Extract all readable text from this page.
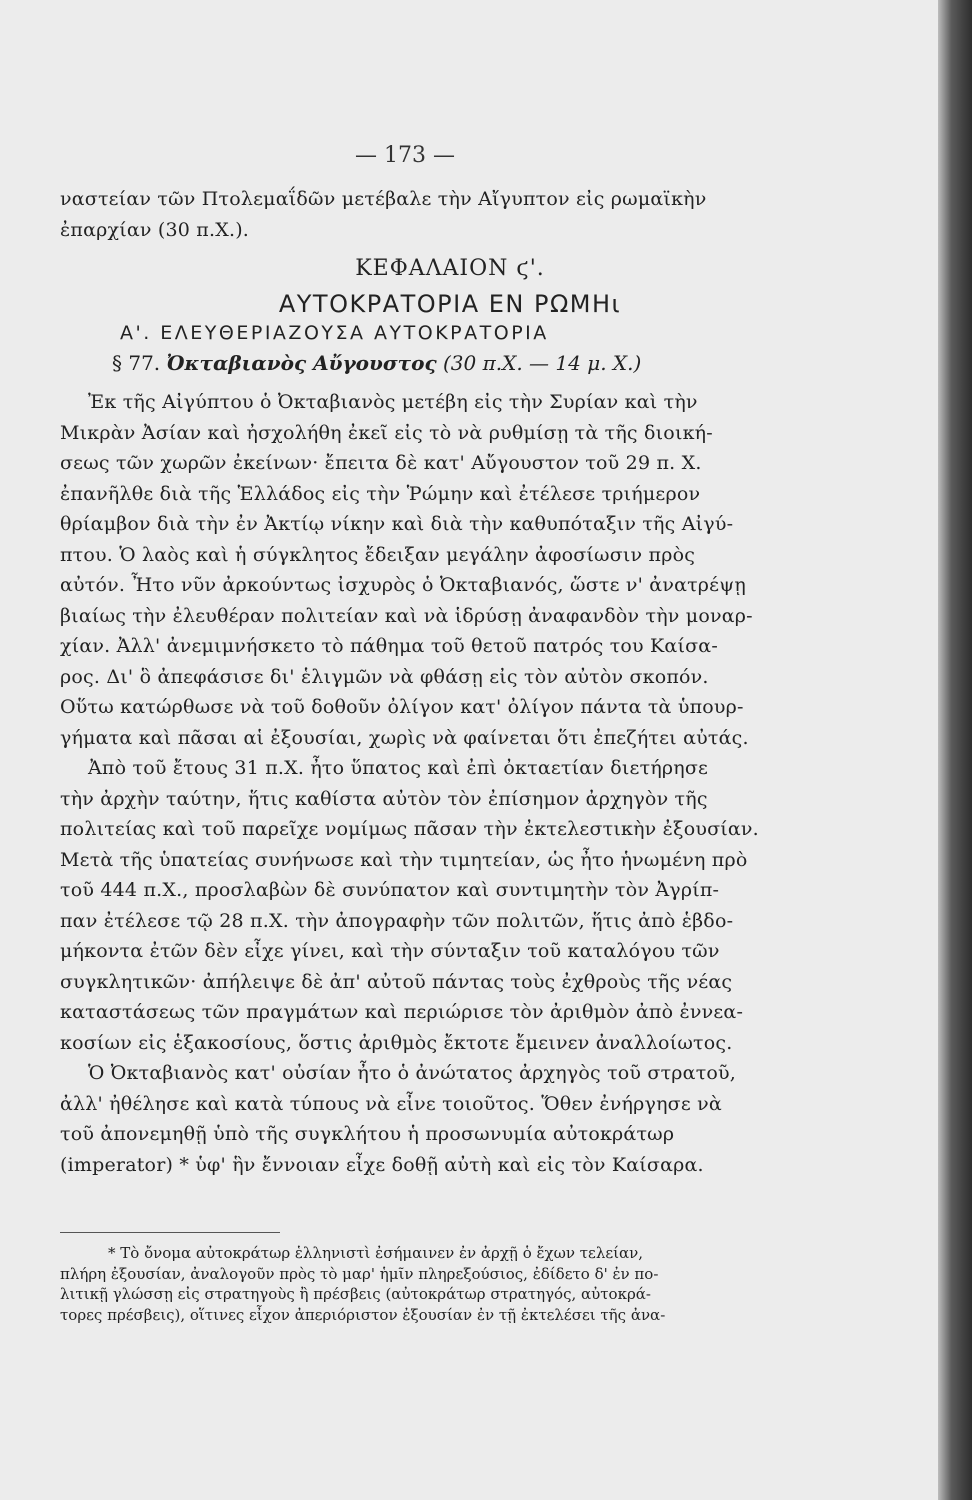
— 173 —
ναστείαν τῶν Πτολεμαΐδῶν μετέβαλε τὴν Αἴγυπτον εἰς ρωμαϊκὴν
ἐπαρχίαν (30 π.Χ.).
ΚΕΦΑΛΑΙΟΝ ϛ'.
ΑΥΤΟΚΡΑΤΟΡΙΑ ΕΝ ΡΩΜΗι
Α'. ΕΛΕΥΘΕΡΙΑΖΟΥΣΑ ΑΥΤΟΚΡΑΤΟΡΙΑ
§ 77. Ὀκταβιανὸς Αὔγουστος (30 π.Χ. — 14 μ. Χ.)
Ἐκ τῆς Αἰγύπτου ὁ Ὀκταβιανὸς μετέβη εἰς τὴν Συρίαν καὶ τὴν
Μικρὰν Ἀσίαν καὶ ἠσχολήθη ἐκεῖ εἰς τὸ νὰ ρυθμίσῃ τὰ τῆς διοική-
σεως τῶν χωρῶν ἐκείνων· ἔπειτα δὲ κατ' Αὔγουστον τοῦ 29 π. Χ.
ἐπανῆλθε διὰ τῆς Ἑλλάδος εἰς τὴν Ῥώμην καὶ ἐτέλεσε τριήμερον
θρίαμβον διὰ τὴν ἐν Ἀκτίῳ νίκην καὶ διὰ τὴν καθυπόταξιν τῆς Αἰγύ-
πτου. Ὁ λαὸς καὶ ἡ σύγκλητος ἔδειξαν μεγάλην ἀφοσίωσιν πρὸς
αὐτόν. Ἦτο νῦν ἀρκούντως ἰσχυρὸς ὁ Ὀκταβιανός, ὥστε ν' ἀνατρέψῃ
βιαίως τὴν ἐλευθέραν πολιτείαν καὶ νὰ ἱδρύσῃ ἀναφανδὸν τὴν μοναρ-
χίαν. Ἀλλ' ἀνεμιμνήσκετο τὸ πάθημα τοῦ θετοῦ πατρός του Καίσα-
ρος. Δι' ὃ ἀπεφάσισε δι' ἑλιγμῶν νὰ φθάσῃ εἰς τὸν αὐτὸν σκοπόν.
Οὕτω κατώρθωσε νὰ τοῦ δοθοῦν ὀλίγον κατ' ὀλίγον πάντα τὰ ὑπουρ-
γήματα καὶ πᾶσαι αἱ ἐξουσίαι, χωρὶς νὰ φαίνεται ὅτι ἐπεζήτει αὐτάς.
Ἀπὸ τοῦ ἔτους 31 π.Χ. ἦτο ὕπατος καὶ ἐπὶ ὀκταετίαν διετήρησε
τὴν ἀρχὴν ταύτην, ἥτις καθίστα αὐτὸν τὸν ἐπίσημον ἀρχηγὸν τῆς
πολιτείας καὶ τοῦ παρεῖχε νομίμως πᾶσαν τὴν ἐκτελεστικὴν ἐξουσίαν.
Μετὰ τῆς ὑπατείας συνήνωσε καὶ τὴν τιμητείαν, ὡς ἦτο ἡνωμένη πρὸ
τοῦ 444 π.Χ., προσλαβὼν δὲ συνύπατον καὶ συντιμητὴν τὸν Ἀγρίπ-
παν ἐτέλεσε τῷ 28 π.Χ. τὴν ἀπογραφὴν τῶν πολιτῶν, ἥτις ἀπὸ ἑβδο-
μήκοντα ἐτῶν δὲν εἶχε γίνει, καὶ τὴν σύνταξιν τοῦ καταλόγου τῶν
συγκλητικῶν· ἀπήλειψε δὲ ἀπ' αὐτοῦ πάντας τοὺς ἐχθροὺς τῆς νέας
καταστάσεως τῶν πραγμάτων καὶ περιώρισε τὸν ἀριθμὸν ἀπὸ ἐννεα-
κοσίων εἰς ἑξακοσίους, ὅστις ἀριθμὸς ἔκτοτε ἔμεινεν ἀναλλοίωτος.
Ὁ Ὀκταβιανὸς κατ' οὐσίαν ἦτο ὁ ἀνώτατος ἀρχηγὸς τοῦ στρατοῦ,
ἀλλ' ἠθέλησε καὶ κατὰ τύπους νὰ εἶνε τοιοῦτος. Ὅθεν ἐνήργησε νὰ
τοῦ ἀπονεμηθῇ ὑπὸ τῆς συγκλήτου ἡ προσωνυμία αὐτοκράτωρ
(imperator) * ὑφ' ἣν ἔννοιαν εἶχε δοθῇ αὐτὴ καὶ εἰς τὸν Καίσαρα.
* Τὸ ὄνομα αὐτοκράτωρ ἑλληνιστὶ ἐσήμαινεν ἐν ἀρχῇ ὁ ἔχων τελείαν,
πλήρη ἐξουσίαν, ἀναλογοῦν πρὸς τὸ μαρ' ἡμῖν πληρεξούσιος, ἐδίδετο δ' ἐν πο-
λιτικῇ γλώσσῃ εἰς στρατηγοὺς ἢ πρέσβεις (αὐτοκράτωρ στρατηγός, αὐτοκρά-
τορες πρέσβεις), οἵτινες εἶχον ἀπεριόριστον ἐξουσίαν ἐν τῇ ἐκτελέσει τῆς ἀνα-
